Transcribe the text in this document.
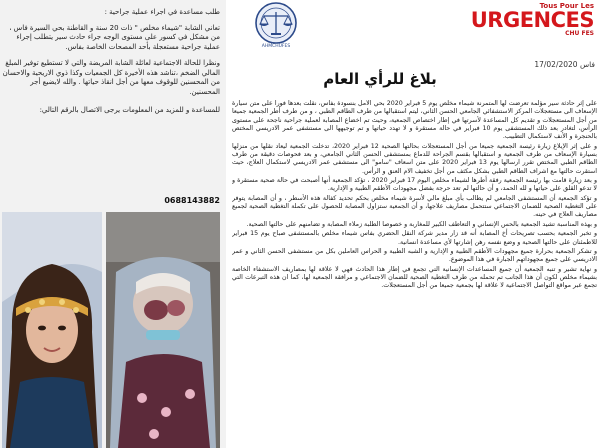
AHMCHUFES
Tous Pour Les
URGENCES
CHU FES
فاس 17/02/2020
بلاغ للرأي العام

على إثر حادثة سير مؤلمة تعرضت لها المتمرنة شيماء مخلص يوم 5 فبراير 2020 بحي الأمل بنسودة بفاس، نقلت بعدها فورا على متن سيارة الإسعاف الى مستعجلات المركز الاستشفائي الجامعي الحسن الثاني، ليتم استقبالها من طرف الطاقم الطبي ، و من طرف أطر الجمعية جميعا من أجل المستعجلات و تقديم كل المساعدة لأسرتها في إطار اختصاص الجمعية، وحيث تم اخضاع المصابة لعملية جراحية ناجحة على مستوى الرأس، لتغادر بعد ذلك المستشفى يوم 10 فبراير في حالة مستقرة و لا تهدد حياتها و تم توجيهها الى مستشفى عمر الادريسي المختص بالحنجرة و الأنف لاستكمال التطبيب.

و على إثر الإبلاغ زيارة رئيسة الجمعية جميعا من أجل المستعجلات بحالتها الصحية 12 فبراير 2020، تدخلت الجمعية ليعاد نقلها من منزلها بسيارة الإسعاف من طرف الجمعية و استقبالها بقسم الجراحة للدماغ بمستشفى الحسن الثاني الجامعي، و بعد فحوصات دقيقة من طرف الطاقم الطبي المختص تقرر ارسالها يوم 13 فبراير 2020 على متن اسعاف "سامو" الى مستشفى عمر الادريسي لاستكمال العلاج، حيث استقرت حالتها مع اشراف الطاقم الطبي بشكل مكثف من أجل تخفيف الام العنق و الرأس.

و بعد زيارة قامت بها رئيسة الجمعية رفقة أطرها لشيماء مخلص اليوم 17 فبراير 2020 ، تؤكد الجمعية أنها أصبحت في حالة صحية مستقرة و لا تدعو القلق على حياتها و لله الحمد، و أن حالتها لم تعد حرجة بفضل مجهودات الأطقم الطبية و الإدارية.

و تؤكد الجمعية أن المستشفى الجامعي لم يطالب بأي مبلغ مالي لأسرة شيماء مخلص بحكم تحديد كفالة هذه الأسطر ، و أن المصابة يتوفر على التغطية الصحية للضمان الاجتماعي ستتحمل مصاريف علاجها، و أن الجمعية ستزاول المصابة للحصول على تكملة التغطية الصحية لجميع مصاريف العلاج في حينه.

و بهذه المناسبة تشيد الجمعية بالحس الإنساني و التعاطف الكبير للمغاربة و خصوصا الطلبة زملاء المصابة و تضامنهم على حالتها الصحية.

و تخبر الجمعية بحسب تصريحات أخ المصابة أنه قد زار مدير شركة النقل الحضري بفاس شيماء مخلص بالمستشفى صباح يوم 15 فبراير للاطمئنان على حالتها الصحية و وضع نفسه رهن إشارتها لأي مساعدة انسانية.

و تشكر الجمعية بحرارة جميع مجهودات الأطقم الطبية و الإدارية و الشبه الطبية و الحراس العاملين بكل من مستشفى الحسن الثاني و عمر الادريسي على جميع مجهوداتهم الجبارة في هذا الموضوع.

و نهاية تشير و تنبه الجمعية أن جميع المساعدات الإنسانية التي تجمع في إطار هذا الحادث فهي لا علاقة لها بمصاريف الاستشفاء الخاصة بشيماء مخلص لكون أن هذا الجانب تم تحمله من طرف التغطية الصحية للضمان الاجتماعي و مرافقة الجمعية لها، كما ان هذه التبرعات التي تجمع عبر مواقع التواصل الاجتماعية لا علاقة لها بجمعية جميعا من أجل المستعجلات.

طلب مساعدة في اجراء عملية جراحية :

تعاني الشابة "شيماء مخلص " ذات 20 سنة و القاطنة بحي السيرة فاس ، من مشكل في كسور على مستوى الوجه جراء حادث سير يتطلب إجراء عملية جراحية مستعجلة بأحد المصحات الخاصة بفاس.

ونظرا للحالة الاجتماعية لعائلة الشابة المريضة والتي لا تستطيع توفير المبلغ المالي الضخم ،تناشد هذه الأخيرة كل الجمعيات وكذا ذوي الاريحية والاحسان من المحسنين للوقوف معها من أجل انقاذ حياتها . والله لايضيع أجر المحسنين.

للمساعدة و للمزيد من المعلومات يرجى الاتصال بالرقم التالي:

0688143882
